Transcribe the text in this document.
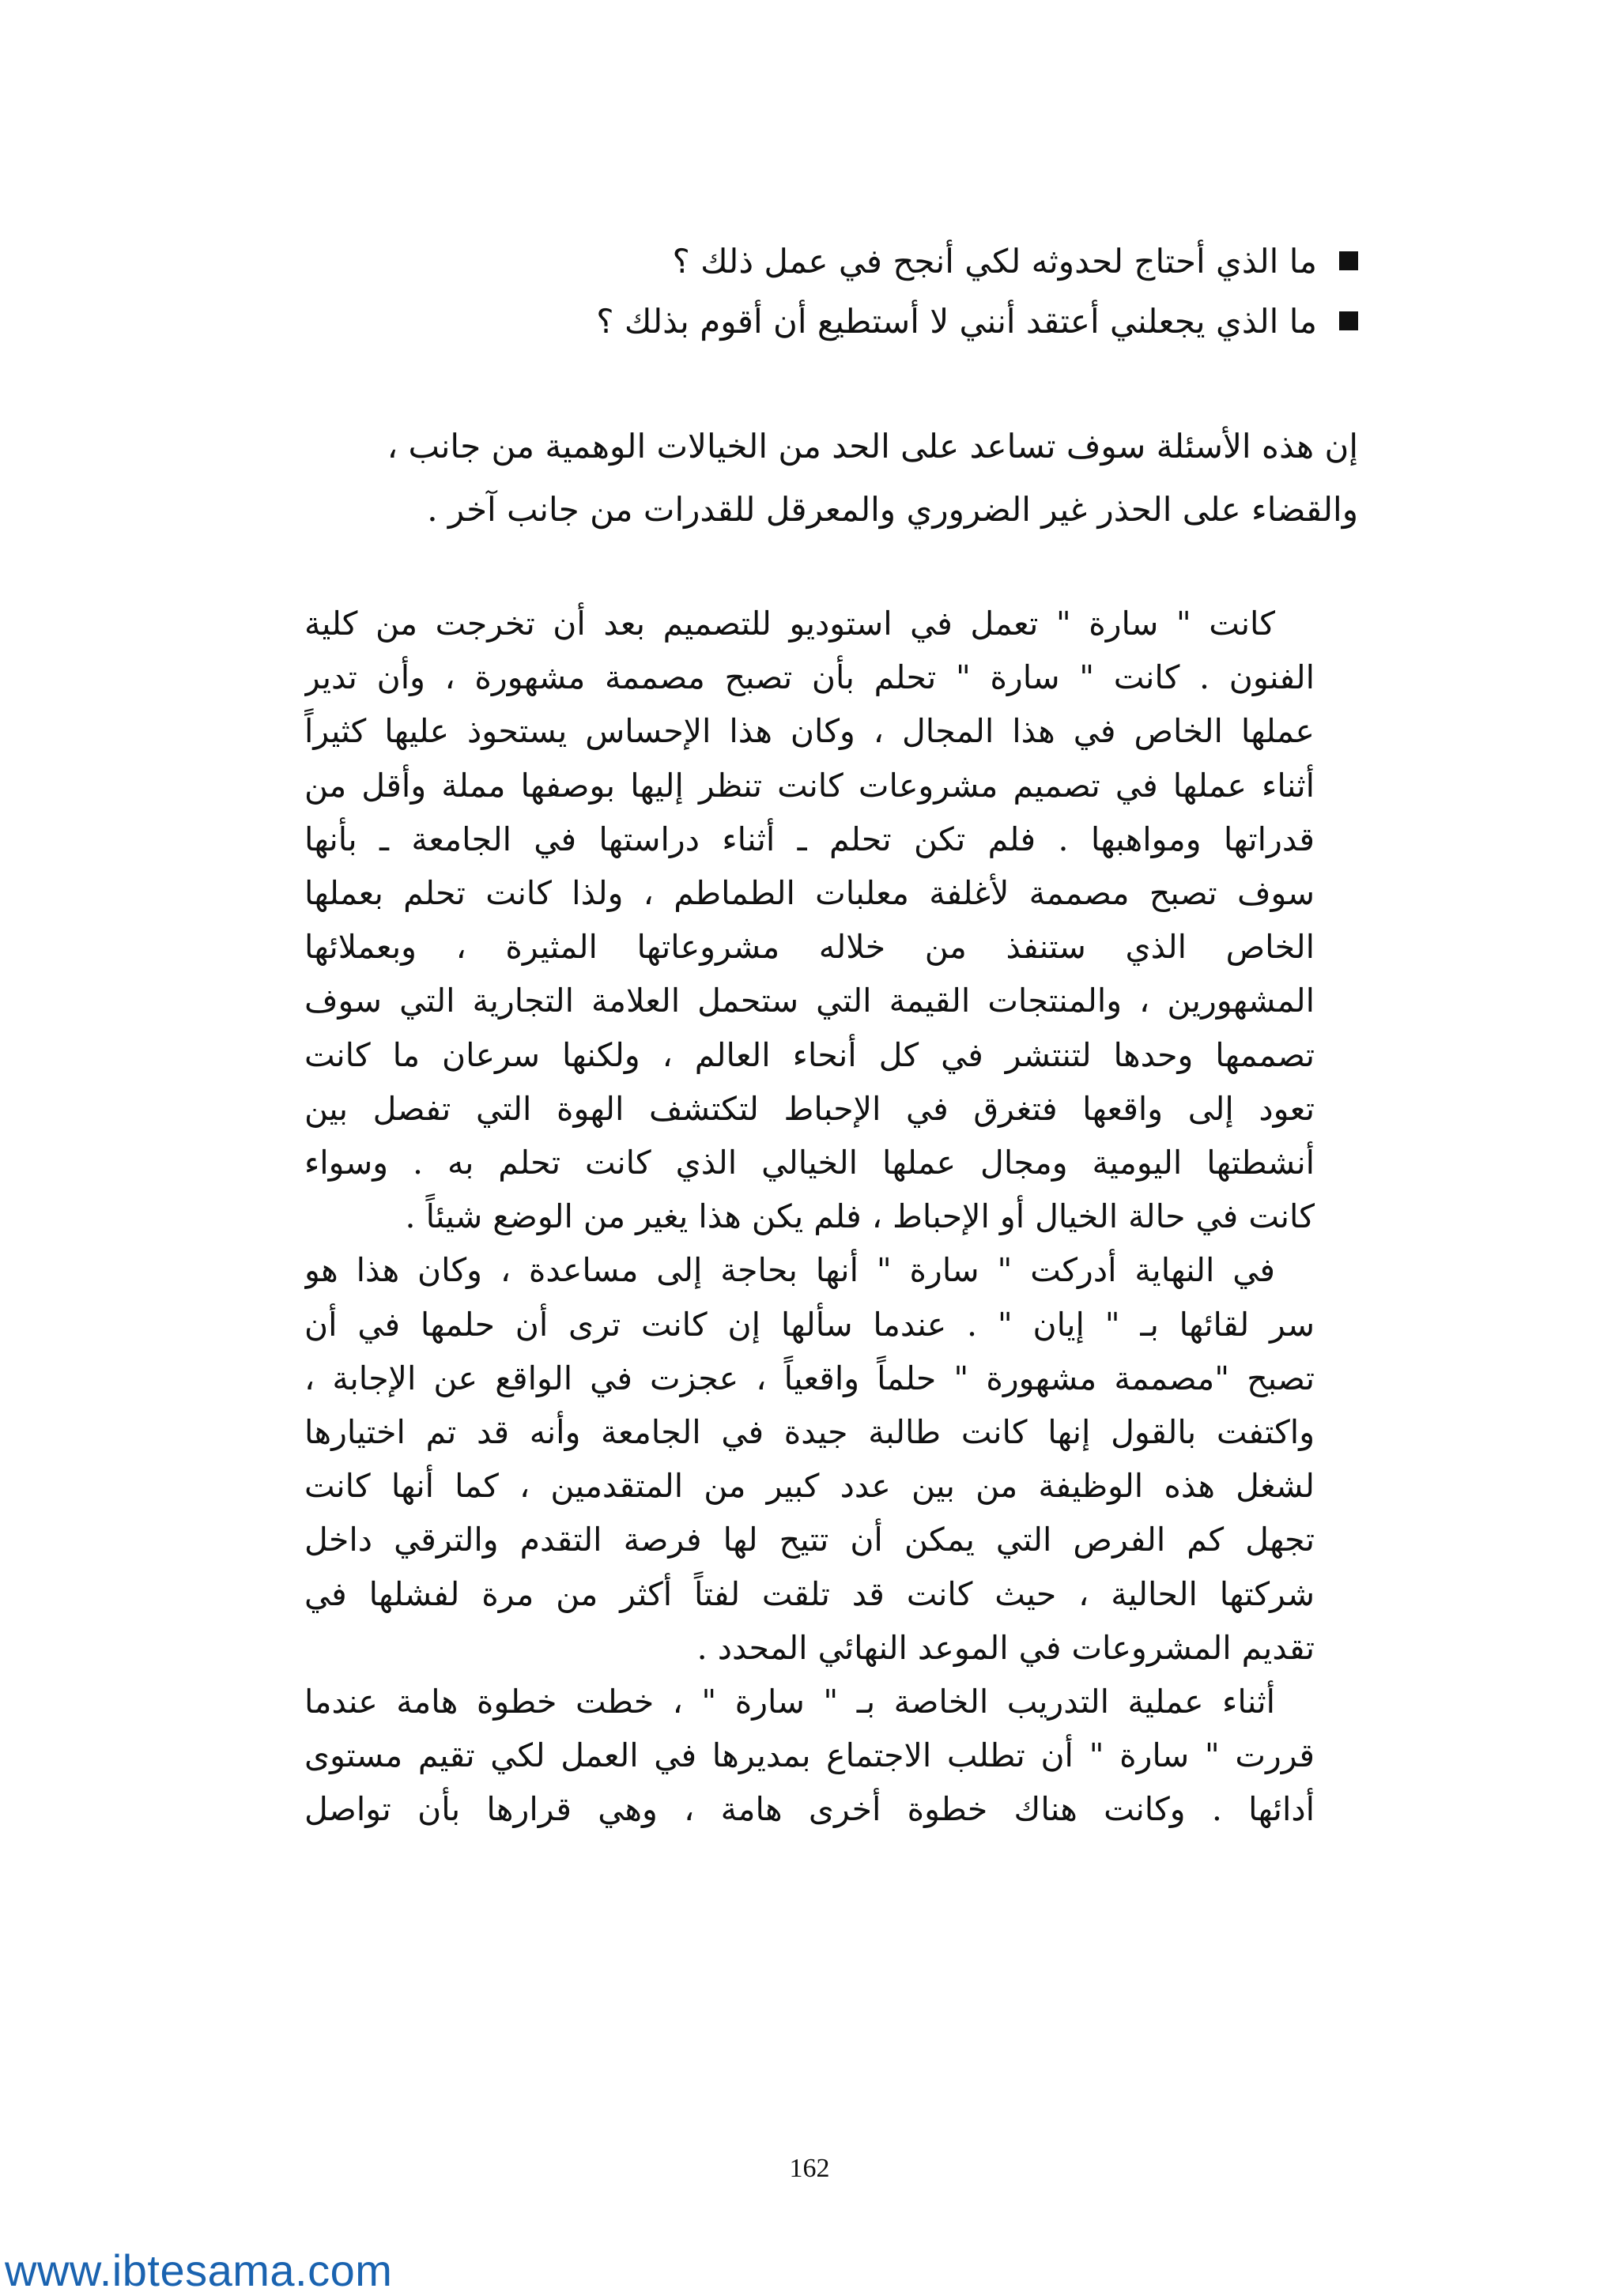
ما الذي أحتاج لحدوثه لكي أنجح في عمل ذلك ؟
ما الذي يجعلني أعتقد أنني لا أستطيع أن أقوم بذلك ؟
إن هذه الأسئلة سوف تساعد على الحد من الخيالات الوهمية من جانب ،
والقضاء على الحذر غير الضروري والمعرقل للقدرات من جانب آخر .
كانت " سارة " تعمل في استوديو للتصميم بعد أن تخرجت من كلية
الفنون . كانت " سارة " تحلم بأن تصبح مصممة مشهورة ، وأن تدير
عملها الخاص في هذا المجال ، وكان هذا الإحساس يستحوذ عليها كثيراً
أثناء عملها في تصميم مشروعات كانت تنظر إليها بوصفها مملة وأقل من
قدراتها ومواهبها . فلم تكن تحلم ـ أثناء دراستها في الجامعة ـ بأنها
سوف تصبح مصممة لأغلفة معلبات الطماطم ، ولذا كانت تحلم بعملها
الخاص الذي ستنفذ من خلاله مشروعاتها المثيرة ، وبعملائها
المشهورين ، والمنتجات القيمة التي ستحمل العلامة التجارية التي سوف
تصممها وحدها لتنتشر في كل أنحاء العالم ، ولكنها سرعان ما كانت
تعود إلى واقعها فتغرق في الإحباط لتكتشف الهوة التي تفصل بين
أنشطتها اليومية ومجال عملها الخيالي الذي كانت تحلم به . وسواء
كانت في حالة الخيال أو الإحباط ، فلم يكن هذا يغير من الوضع شيئاً .
في النهاية أدركت " سارة " أنها بحاجة إلى مساعدة ، وكان هذا هو
سر لقائها بـ " إيان " . عندما سألها إن كانت ترى أن حلمها في أن
تصبح "مصممة مشهورة " حلماً واقعياً ، عجزت في الواقع عن الإجابة ،
واكتفت بالقول إنها كانت طالبة جيدة في الجامعة وأنه قد تم اختيارها
لشغل هذه الوظيفة من بين عدد كبير من المتقدمين ، كما أنها كانت
تجهل كم الفرص التي يمكن أن تتيح لها فرصة التقدم والترقي داخل
شركتها الحالية ، حيث كانت قد تلقت لفتاً أكثر من مرة لفشلها في
تقديم المشروعات في الموعد النهائي المحدد .
أثناء عملية التدريب الخاصة بـ " سارة " ، خطت خطوة هامة عندما
قررت " سارة " أن تطلب الاجتماع بمديرها في العمل لكي تقيم مستوى
أدائها . وكانت هناك خطوة أخرى هامة ، وهي قرارها بأن تواصل
162
www.ibtesama.com
